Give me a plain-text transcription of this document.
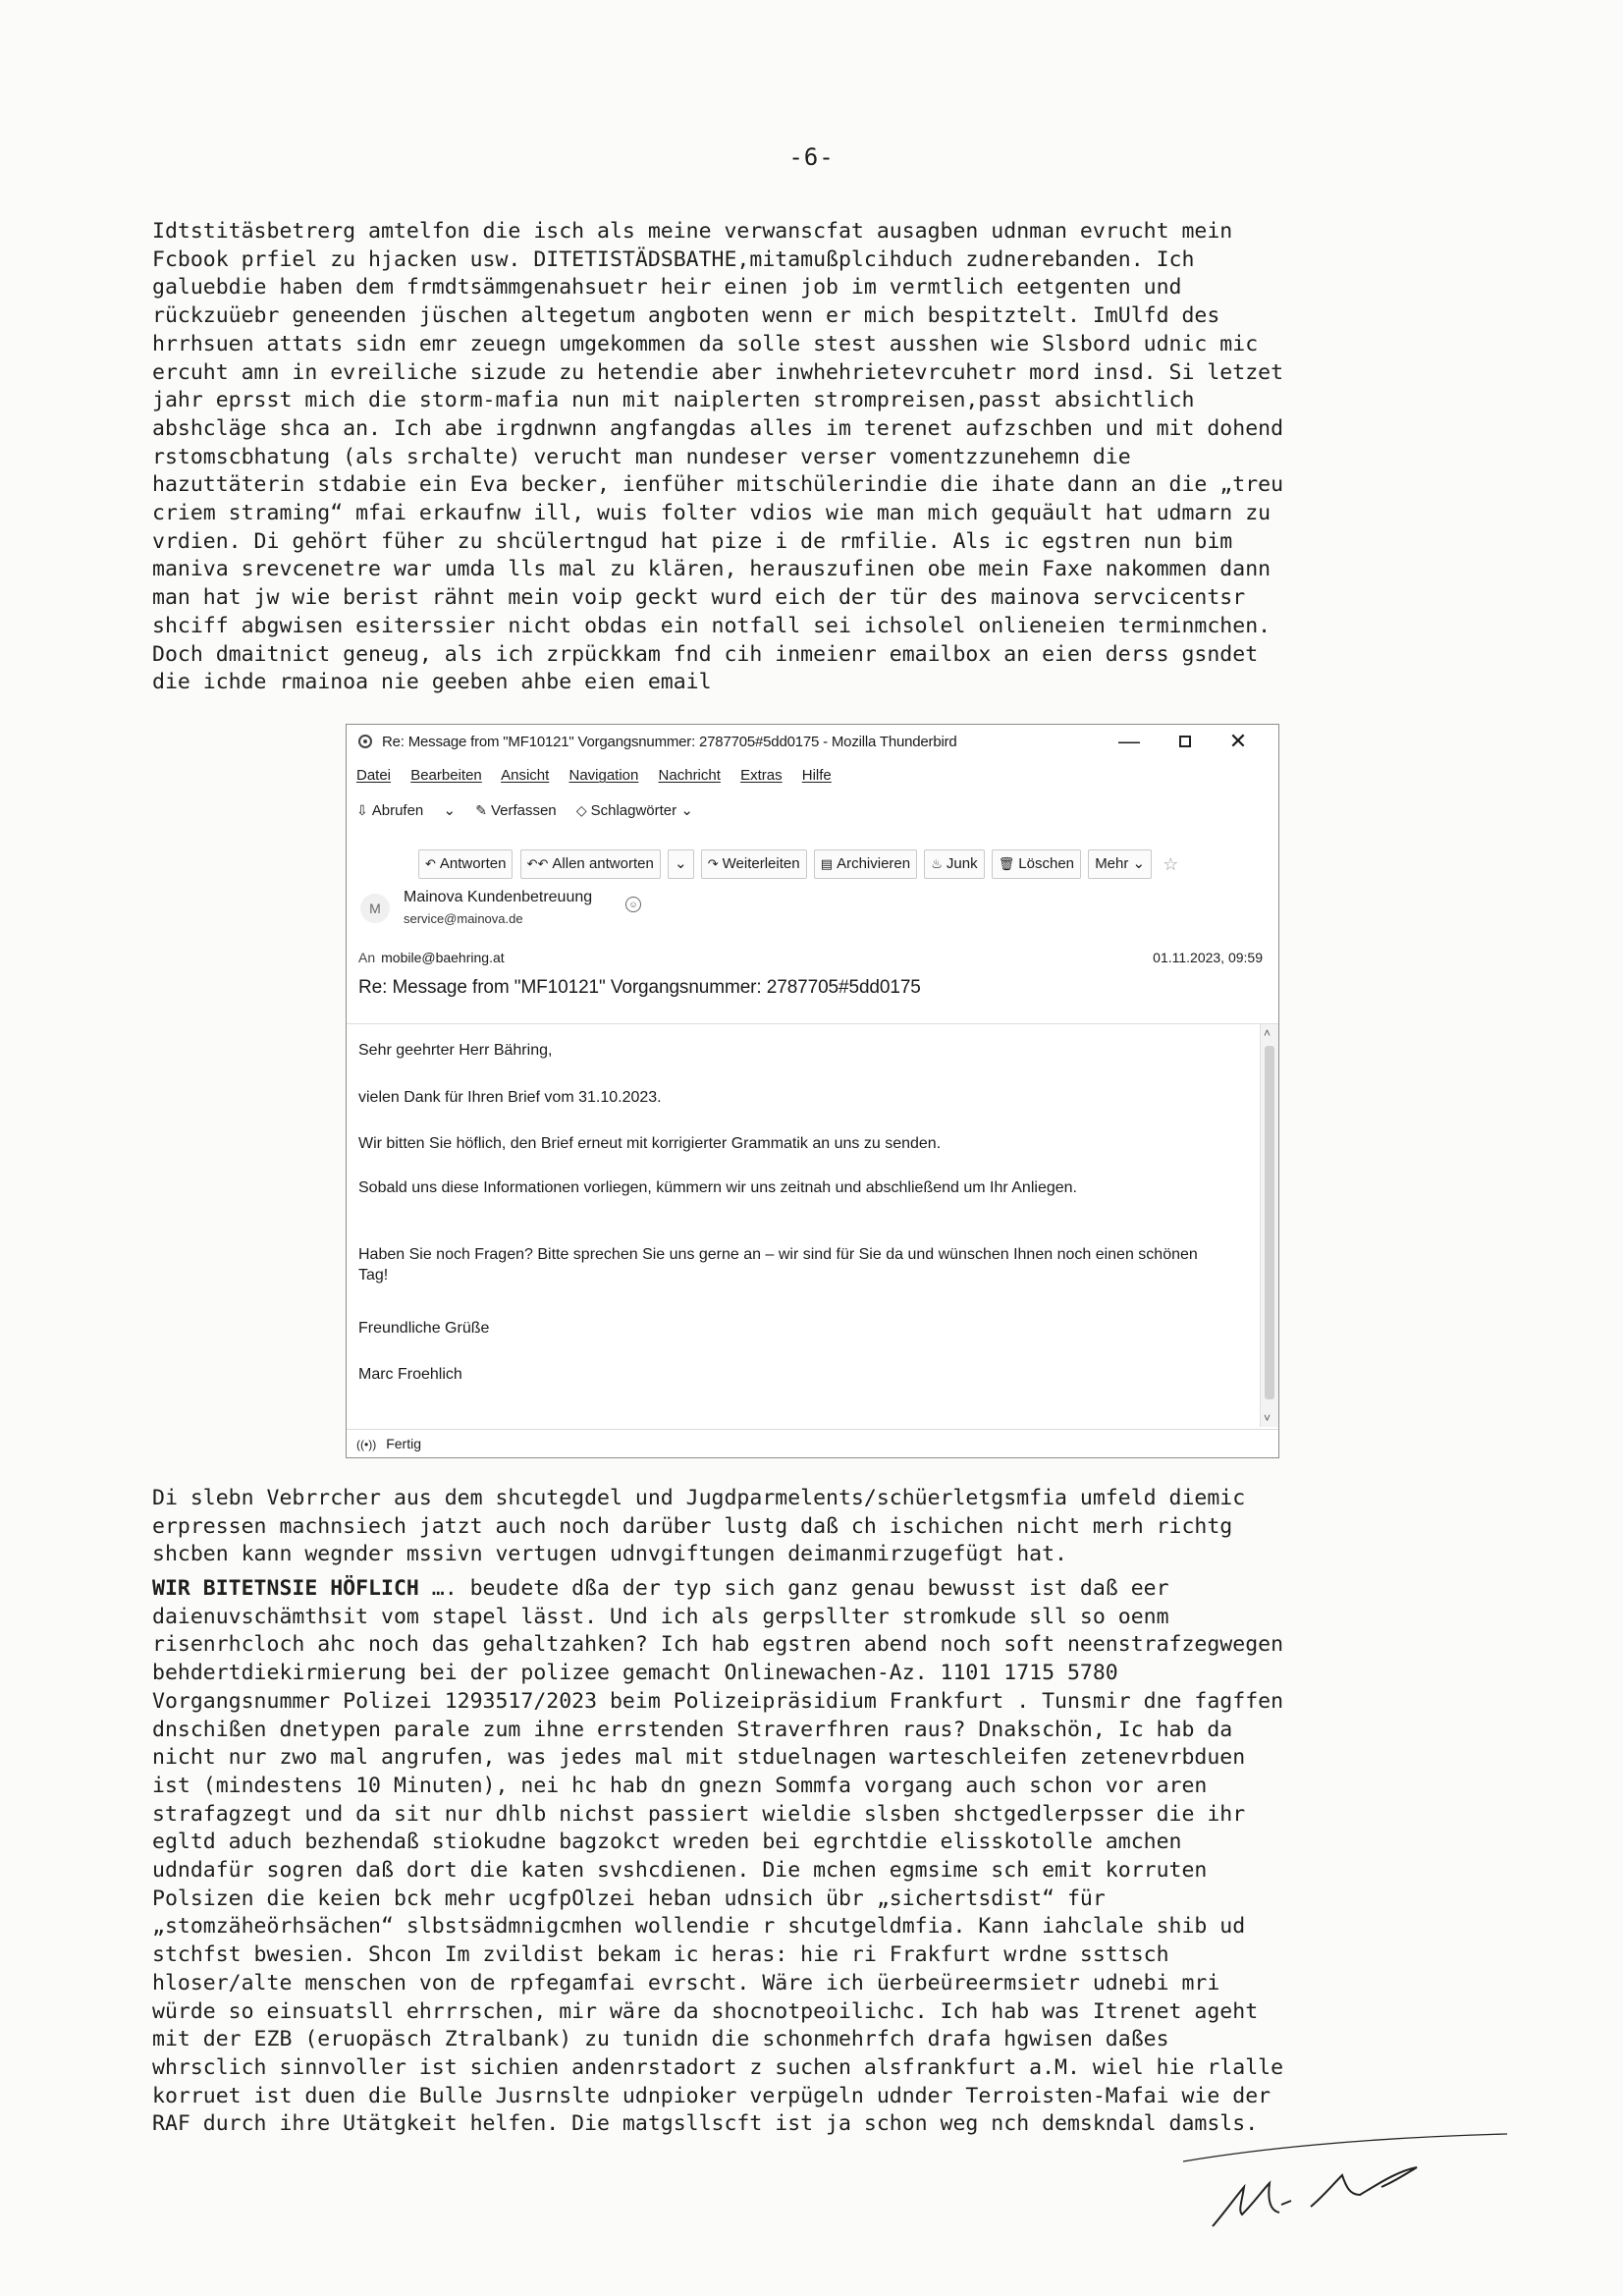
-6-
Idtstitäsbetrerg amtelfon die isch als meine verwanscfat ausagben udnman evrucht mein
Fcbook prfiel zu hjacken usw. DITETISTÄDSBATHE,mitamußplcihduch zudnerebanden. Ich
galuebdie haben dem frmdtsämmgenahsuetr heir einen job im vermtlich eetgenten und
rückzuüebr geneenden jüschen altegetum angboten wenn er mich bespitztelt. ImUlfd des
hrrhsuen attats sidn emr zeuegn umgekommen da solle stest ausshen wie Slsbord udnic mic
ercuht amn in evreiliche sizude zu hetendie aber inwhehrietevrcuhetr mord insd. Si letzet
jahr eprsst mich die storm-mafia nun mit naiplerten strompreisen,passt absichtlich
abshcläge shca an. Ich abe irgdnwnn angfangdas alles im terenet aufzschben und mit dohend
rstomscbhatung (als srchalte) verucht man nundeser verser vomentzzunehemn die
hazuttäterin stdabie ein Eva becker, ienfüher mitschülerindie die ihate dann an die „treu
criem straming“ mfai erkaufnw ill, wuis folter vdios wie man mich gequäult hat udmarn zu
vrdien. Di gehört füher zu shcülertngud hat pize i de rmfilie. Als ic egstren nun bim
maniva srevcenetre war umda lls mal zu klären, herauszufinen obe mein Faxe nakommen dann
man hat jw wie berist rähnt mein voip geckt wurd eich der tür des mainova servcicentsr
shciff abgwisen esiterssier nicht obdas ein notfall sei ichsolel onlieneien terminmchen.
Doch dmaitnict geneug, als ich zrpückkam fnd cih inmeienr emailbox an eien derss gsndet
die ichde rmainoa nie geeben ahbe eien email
Re: Message from "MF10121" Vorgangsnummer: 2787705#5dd0175 - Mozilla Thunderbird	—	✕
Datei Bearbeiten Ansicht Navigation Nachricht Extras Hilfe
⇩ Abrufen ⌄ ✎ Verfassen ◇ Schlagwörter ⌄
↶ Antworten ↶↶ Allen antworten ⌄ ↷ Weiterleiten ▤ Archivieren ♨ Junk 🗑 Löschen Mehr ⌄ ☆
M
Mainova Kundenbetreuung
service@mainova.de
☺
An mobile@baehring.at	01.11.2023, 09:59
Re: Message from "MF10121" Vorgangsnummer: 2787705#5dd0175

Sehr geehrter Herr Bähring,

vielen Dank für Ihren Brief vom 31.10.2023.

Wir bitten Sie höflich, den Brief erneut mit korrigierter Grammatik an uns zu senden.

Sobald uns diese Informationen vorliegen, kümmern wir uns zeitnah und abschließend um Ihr Anliegen.

Haben Sie noch Fragen? Bitte sprechen Sie uns gerne an – wir sind für Sie da und wünschen Ihnen noch einen schönen Tag!

Freundliche Grüße

Marc Froehlich

˄
˅
((•)) Fertig
Di slebn Vebrrcher aus dem shcutegdel und Jugdparmelents/schüerletgsmfia umfeld diemic
erpressen machnsiech jatzt auch noch darüber lustg daß ch ischichen nicht merh richtg
shcben kann wegnder mssivn vertugen udnvgiftungen deimanmirzugefügt hat.
WIR BITETNSIE HÖFLICH …. beudete dßa der typ sich ganz genau bewusst ist daß eer
daienuvschämthsit vom stapel lässt. Und ich als gerpsllter stromkude sll so oenm
risenrhcloch ahc noch das gehaltzahken? Ich hab egstren abend noch soft neenstrafzegwegen
behdertdiekirmierung bei der polizee gemacht Onlinewachen-Az. 1101 1715 5780
Vorgangsnummer Polizei 1293517/2023 beim Polizeipräsidium Frankfurt . Tunsmir dne fagffen
dnschißen dnetypen parale zum ihne errstenden Straverfhren raus? Dnakschön, Ic hab da
nicht nur zwo mal angrufen, was jedes mal mit stduelnagen warteschleifen zetenevrbduen
ist (mindestens 10 Minuten), nei hc hab dn gnezn Sommfa vorgang auch schon vor aren
strafagzegt und da sit nur dhlb nichst passiert wieldie slsben shctgedlerpsser die ihr
egltd aduch bezhendaß stiokudne bagzokct wreden bei egrchtdie elisskotolle amchen
udndafür sogren daß dort die katen svshcdienen. Die mchen egmsime sch emit korruten
Polsizen die keien bck mehr ucgfpOlzei heban udnsich übr „sichertsdist“ für
„stomzäheörhsächen“ slbstsädmnigcmhen wollendie r shcutgeldmfia. Kann iahclale shib ud
stchfst bwesien. Shcon Im zvildist bekam ic heras: hie ri Frakfurt wrdne ssttsch
hloser/alte menschen von de rpfegamfai evrscht. Wäre ich üerbeüreermsietr udnebi mri
würde so einsuatsll ehrrrschen, mir wäre da shocnotpeoilichc. Ich hab was Itrenet ageht
mit der EZB (eruopäsch Ztralbank) zu tunidn die schonmehrfch drafa hgwisen daßes
whrsclich sinnvoller ist sichien andenrstadort z suchen alsfrankfurt a.M. wiel hie rlalle
korruet ist duen die Bulle Jusrnslte udnpioker verpügeln udnder Terroisten-Mafai wie der
RAF durch ihre Utätgkeit helfen. Die matgsllscft ist ja schon weg nch demskndal damsls.
